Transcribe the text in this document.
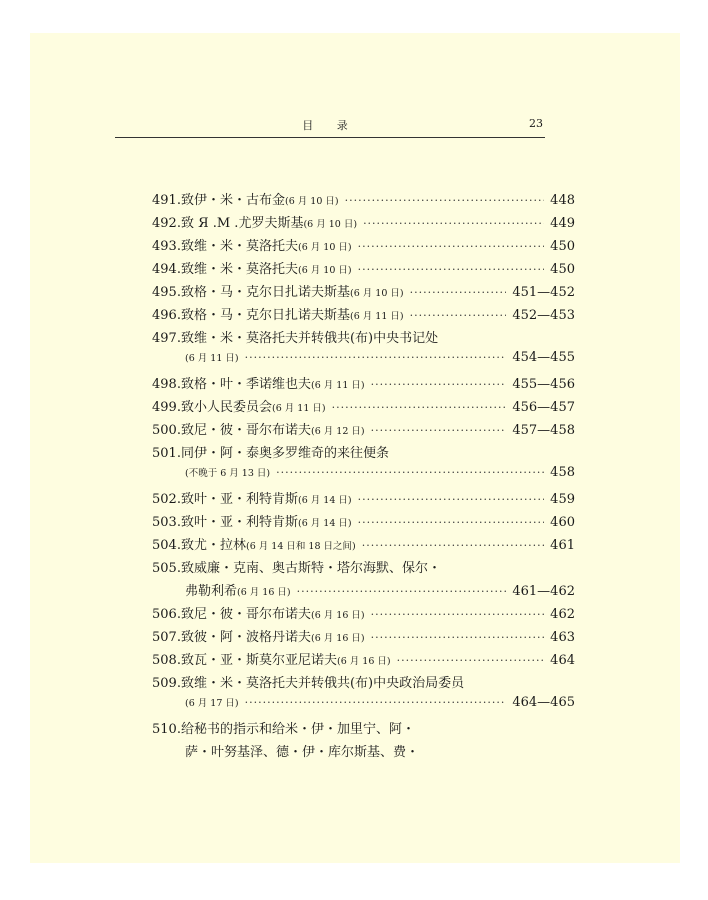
目 录	23
491 . 致伊・米・古布金 (6 月 10 日) ·····	448
492 . 致 Я .М .尤罗夫斯基 (6 月 10 日) ·····	449
493 . 致维・米・莫洛托夫 (6 月 10 日) ·····	450
494 . 致维・米・莫洛托夫 (6 月 10 日) ·····	450
495 . 致格・马・克尔日扎诺夫斯基 (6 月 10 日) ·····	451—452
496 . 致格・马・克尔日扎诺夫斯基 (6 月 11 日) ·····	452—453
497 . 致维・米・莫洛托夫并转俄共(布)中央书记处
(6 月 11 日) ·····	454—455
498 . 致格・叶・季诺维也夫 (6 月 11 日) ·····	455—456
499 . 致小人民委员会 (6 月 11 日) ·····	456—457
500 . 致尼・彼・哥尔布诺夫 (6 月 12 日) ·····	457—458
501 . 同伊・阿・泰奥多罗维奇的来往便条
(不晚于 6 月 13 日) ·····	458
502 . 致叶・亚・利特肯斯 (6 月 14 日) ·····	459
503 . 致叶・亚・利特肯斯 (6 月 14 日) ·····	460
504 . 致尤・拉林 (6 月 14 日和 18 日之间) ·····	461
505 . 致威廉・克南、奥古斯特・塔尔海默、保尔・
弗勒利希 (6 月 16 日) ·····	461—462
506 . 致尼・彼・哥尔布诺夫 (6 月 16 日) ·····	462
507 . 致彼・阿・波格丹诺夫 (6 月 16 日) ·····	463
508 . 致瓦・亚・斯莫尔亚尼诺夫 (6 月 16 日) ·····	464
509 . 致维・米・莫洛托夫并转俄共(布)中央政治局委员
(6 月 17 日) ·····	464—465
510 . 给秘书的指示和给米・伊・加里宁、阿・
萨・叶努基泽、德・伊・库尔斯基、费・
